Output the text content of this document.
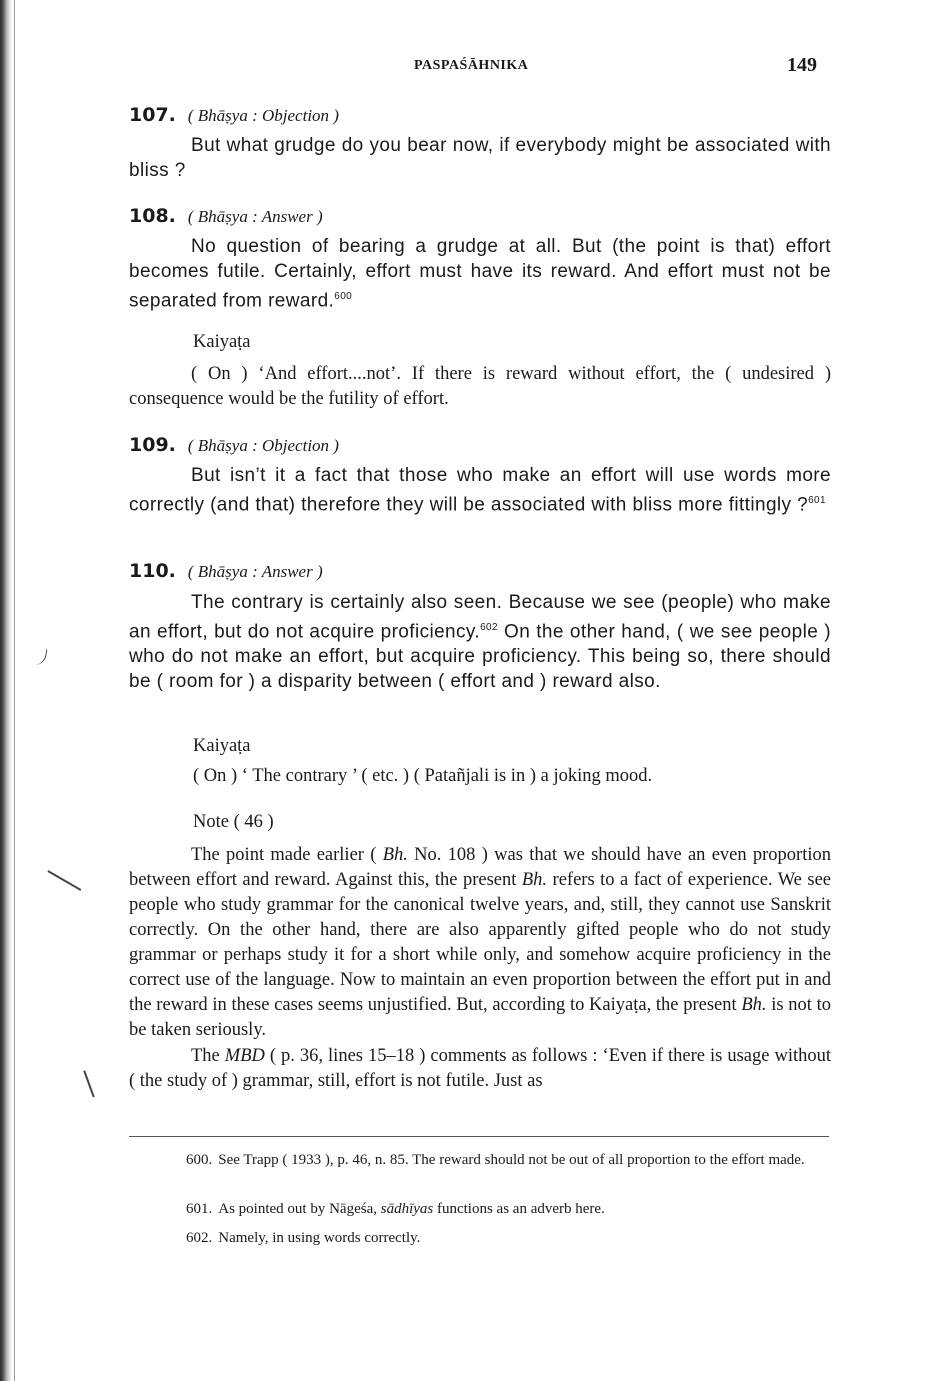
PASPAŚĀHNIKA	149
107. ( Bhāṣya : Objection )

But what grudge do you bear now, if everybody might be associated with bliss ?

108. ( Bhāṣya : Answer )

No question of bearing a grudge at all. But (the point is that) effort becomes futile. Certainly, effort must have its reward. And effort must not be separated from reward.$^{600}$

Kaiyaṭa

( On ) ‘And effort....not’. If there is reward without effort, the ( undesired ) consequence would be the futility of effort.

109. ( Bhāṣya : Objection )

But isn’t it a fact that those who make an effort will use words more correctly (and that) therefore they will be associated with bliss more fittingly ?$^{601}$

110. ( Bhāṣya : Answer )

The contrary is certainly also seen. Because we see (people) who make an effort, but do not acquire proficiency.$^{602}$ On the other hand, ( we see people ) who do not make an effort, but acquire proficiency. This being so, there should be ( room for ) a disparity between ( effort and ) reward also.

Kaiyaṭa
( On ) ‘ The contrary ’ ( etc. ) ( Patañjali is in ) a joking mood.
Note ( 46 )

The point made earlier ( Bh. No. 108 ) was that we should have an even proportion between effort and reward. Against this, the present Bh. refers to a fact of experience. We see people who study grammar for the canonical twelve years, and, still, they cannot use Sanskrit correctly. On the other hand, there are also apparently gifted people who do not study grammar or perhaps study it for a short while only, and somehow acquire proficiency in the correct use of the language. Now to maintain an even proportion between the effort put in and the reward in these cases seems unjustified. But, according to Kaiyaṭa, the present Bh. is not to be taken seriously.

The MBD ( p. 36, lines 15–18 ) comments as follows : ‘Even if there is usage without ( the study of ) grammar, still, effort is not futile. Just as

600. See Trapp ( 1933 ), p. 46, n. 85. The reward should not be out of all proportion to the effort made.
601. As pointed out by Nāgeśa, sādhīyas functions as an adverb here.
602. Namely, in using words correctly.
